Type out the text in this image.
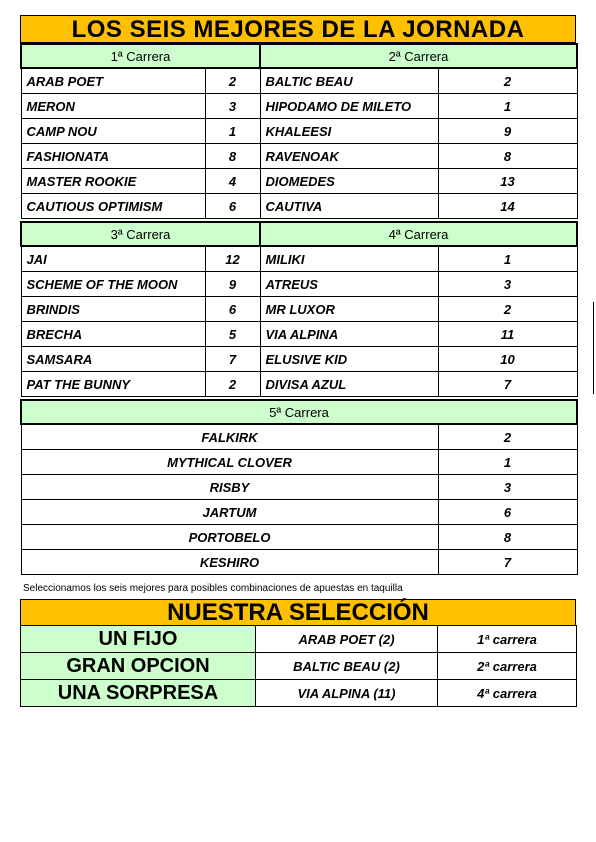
LOS SEIS MEJORES DE LA JORNADA
1ª Carrera		2ª Carrera	
ARAB POET	2	BALTIC BEAU	2
MERON	3	HIPODAMO DE MILETO	1
CAMP NOU	1	KHALEESI	9
FASHIONATA	8	RAVENOAK	8
MASTER ROOKIE	4	DIOMEDES	13
CAUTIOUS OPTIMISM	6	CAUTIVA	14
3ª Carrera		4ª Carrera	
JAI	12	MILIKI	1
SCHEME OF THE MOON	9	ATREUS	3
BRINDIS	6	MR LUXOR	2
BRECHA	5	VIA ALPINA	11
SAMSARA	7	ELUSIVE KID	10
PAT THE BUNNY	2	DIVISA AZUL	7
5ª Carrera	
FALKIRK	2
MYTHICAL CLOVER	1
RISBY	3
JARTUM	6
PORTOBELO	8
KESHIRO	7
Seleccionamos los seis mejores para posibles combinaciones de apuestas en taquilla
NUESTRA SELECCIÓN
UN FIJO	ARAB POET (2)	1ª carrera
GRAN OPCION	BALTIC BEAU (2)	2ª carrera
UNA SORPRESA	VIA ALPINA (11)	4ª carrera
